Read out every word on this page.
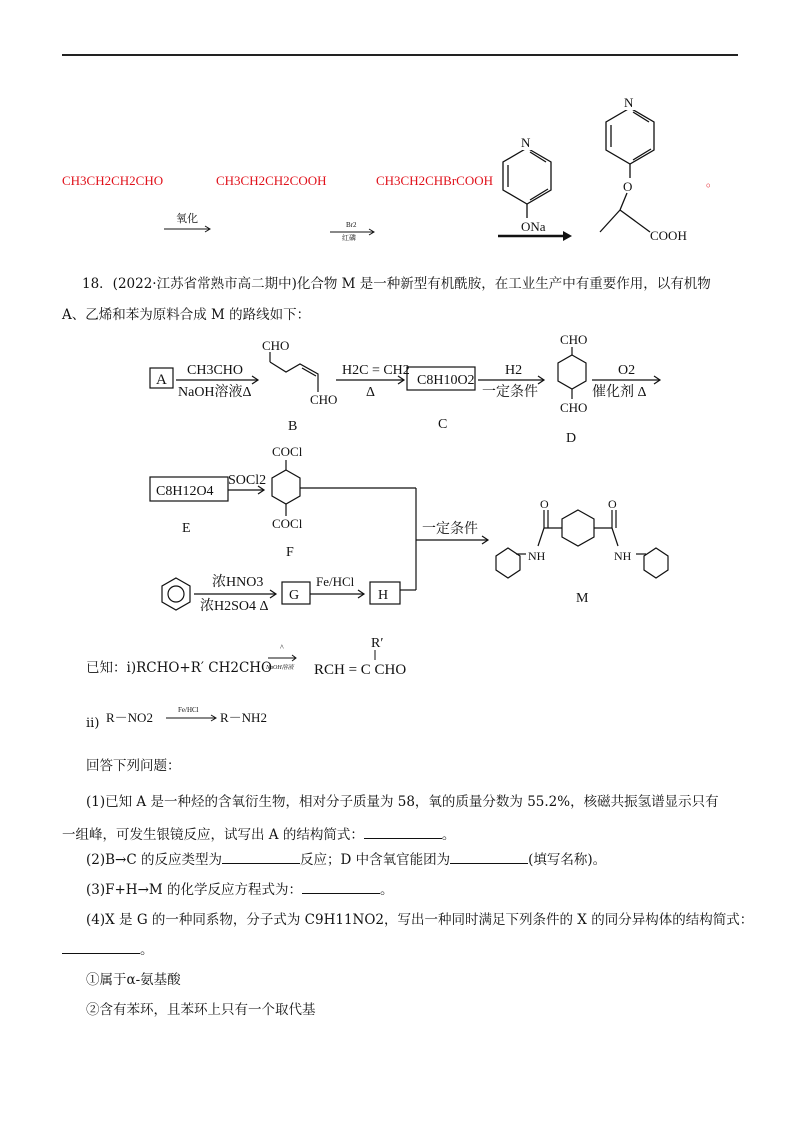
CH3CH2CH2CHO	CH3CH2CH2COOH	CH3CH2CHBrCOOH
氧化	Br2
红磷
N
ONa
N
O
COOH
。
18．(2022·江苏省常熟市高二期中)化合物 M 是一种新型有机酰胺，在工业生产中有重要作用，以有机物
A、乙烯和苯为原料合成 M 的路线如下：
A
CH3CHO
NaOH溶液Δ
CHO
CHO
B
H2C = CH2
Δ
C8H10O2
C
H2
一定条件
CHO
CHO
D
O2
催化剂 Δ
C8H12O4
E
SOCl2
COCl
COCl
F
一定条件
O	O
NH	NH
M
浓HNO3
浓H2SO4 Δ
G
Fe/HCl
H
已知：i)RCHO+R′ CH2CHO
^
NaOH溶液
R′
RCH = C CHO
ii) R－NO2	Fe/HCl R－NH2
回答下列问题：
(1)已知 A 是一种烃的含氧衍生物，相对分子质量为 58，氧的质量分数为 55.2%，核磁共振氢谱显示只有
一组峰，可发生银镜反应，试写出 A 的结构简式：	。
(2)B→C 的反应类型为	反应；D 中含氧官能团为	(填写名称)。
(3)F+H→M 的化学反应方程式为：	。
(4)X 是 G 的一种同系物，分子式为 C9H11NO2，写出一种同时满足下列条件的 X 的同分异构体的结构简式：
。
①属于α-氨基酸
②含有苯环，且苯环上只有一个取代基
